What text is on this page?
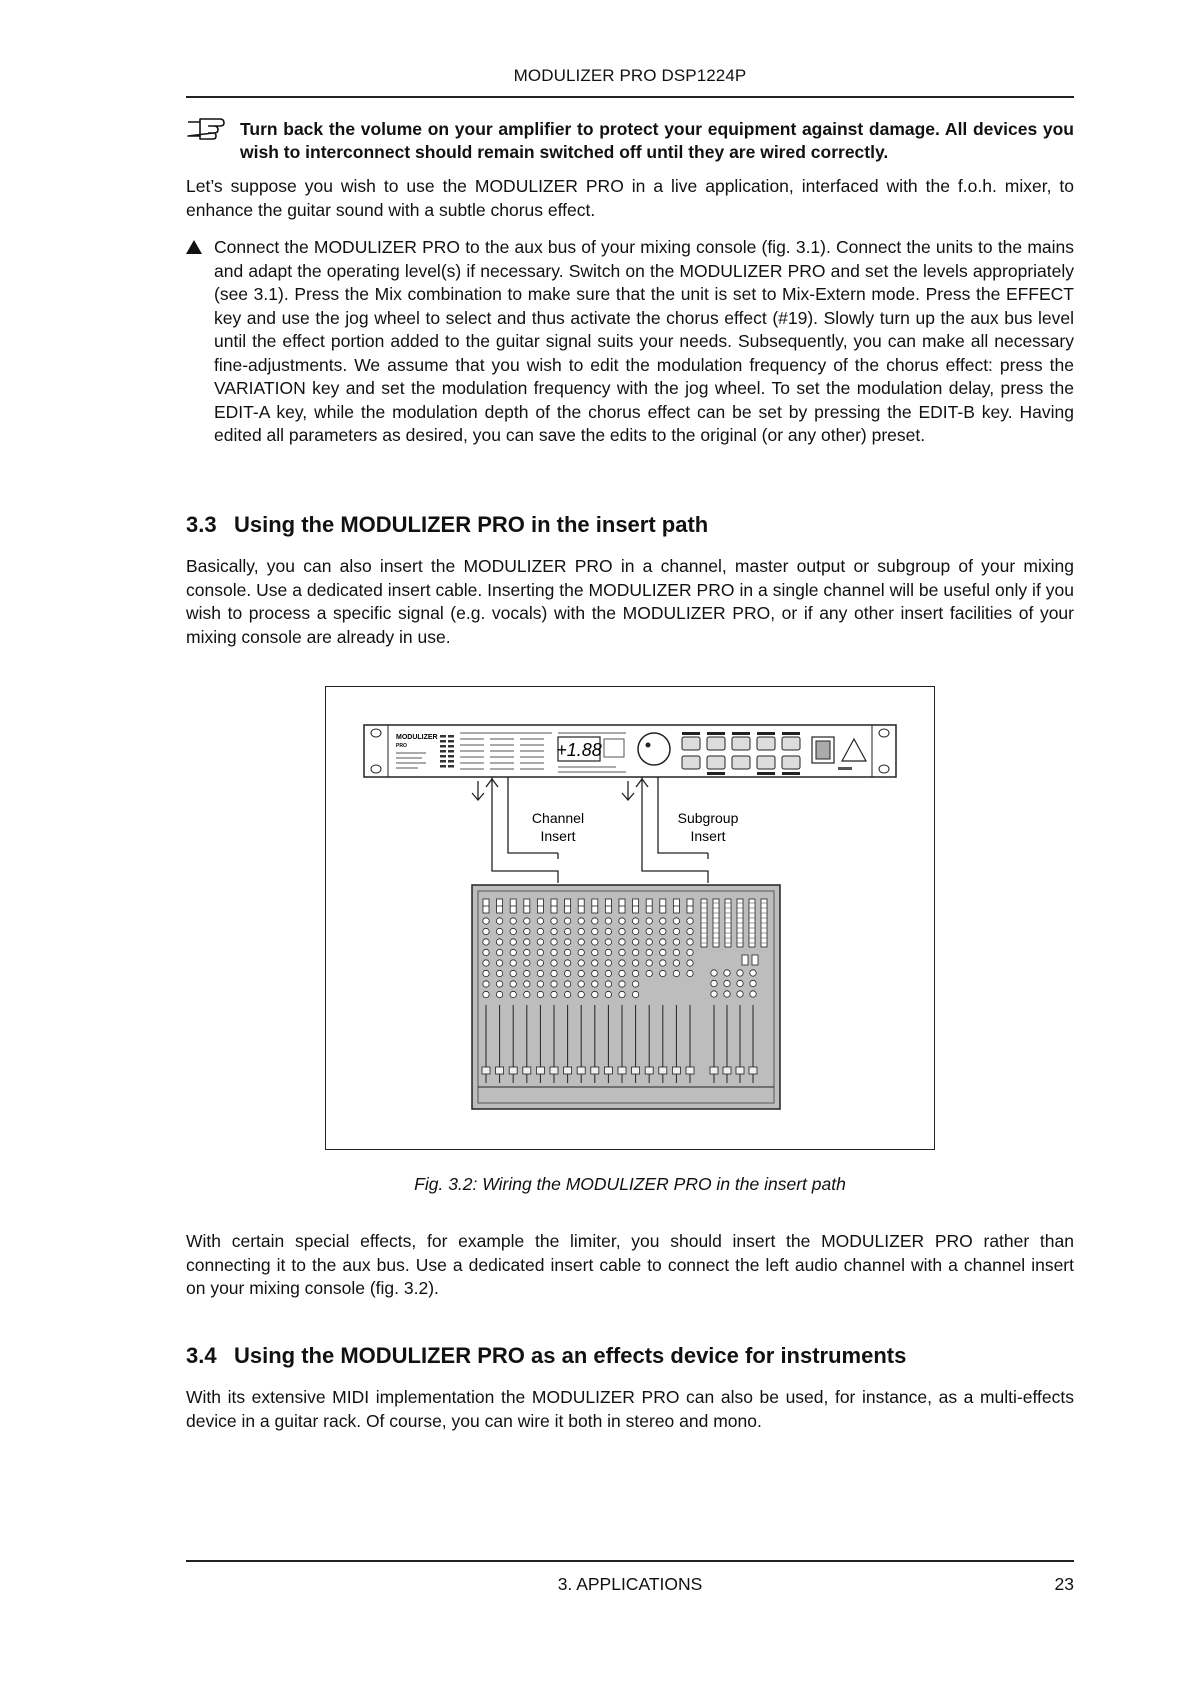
MODULIZER PRO DSP1224P

Turn back the volume on your amplifier to protect your equipment against damage. All devices you wish to interconnect should remain switched off until they are wired correctly.

Let’s suppose you wish to use the MODULIZER PRO in a live application, interfaced with the f.o.h. mixer, to enhance the guitar sound with a subtle chorus effect.

Connect the MODULIZER PRO to the aux bus of your mixing console (fig. 3.1). Connect the units to the mains and adapt the operating level(s) if necessary. Switch on the MODULIZER PRO and set the levels appropriately (see 3.1). Press the Mix combination to make sure that the unit is set to Mix-Extern mode. Press the EFFECT key and use the jog wheel to select and thus activate the chorus effect (#19). Slowly turn up the aux bus level until the effect portion added to the guitar signal suits your needs. Subsequently, you can make all necessary fine-adjustments. We assume that you wish to edit the modulation frequency of the chorus effect: press the VARIATION key and set the modulation frequency with the jog wheel. To set the modulation delay, press the EDIT-A key, while the modulation depth of the chorus effect can be set by pressing the EDIT-B key. Having edited all parameters as desired, you can save the edits to the original (or any other) preset.

3.3 Using the MODULIZER PRO in the insert path

Basically, you can also insert the MODULIZER PRO in a channel, master output or subgroup of your mixing console. Use a dedicated insert cable. Inserting the MODULIZER PRO in a single channel will be useful only if you wish to process a specific signal (e.g. vocals) with the MODULIZER PRO, or if any other insert facilities of your mixing console are already in use.

MODULIZER
PRO	+1.88
Channel
Insert
Subgroup
Insert
Fig. 3.2: Wiring the MODULIZER PRO in the insert path

With certain special effects, for example the limiter, you should insert the MODULIZER PRO rather than connecting it to the aux bus. Use a dedicated insert cable to connect the left audio channel with a channel insert on your mixing console (fig. 3.2).

3.4 Using the MODULIZER PRO as an effects device for instruments

With its extensive MIDI implementation the MODULIZER PRO can also be used, for instance, as a multi-effects device in a guitar rack. Of course, you can wire it both in stereo and mono.

3. APPLICATIONS	23
